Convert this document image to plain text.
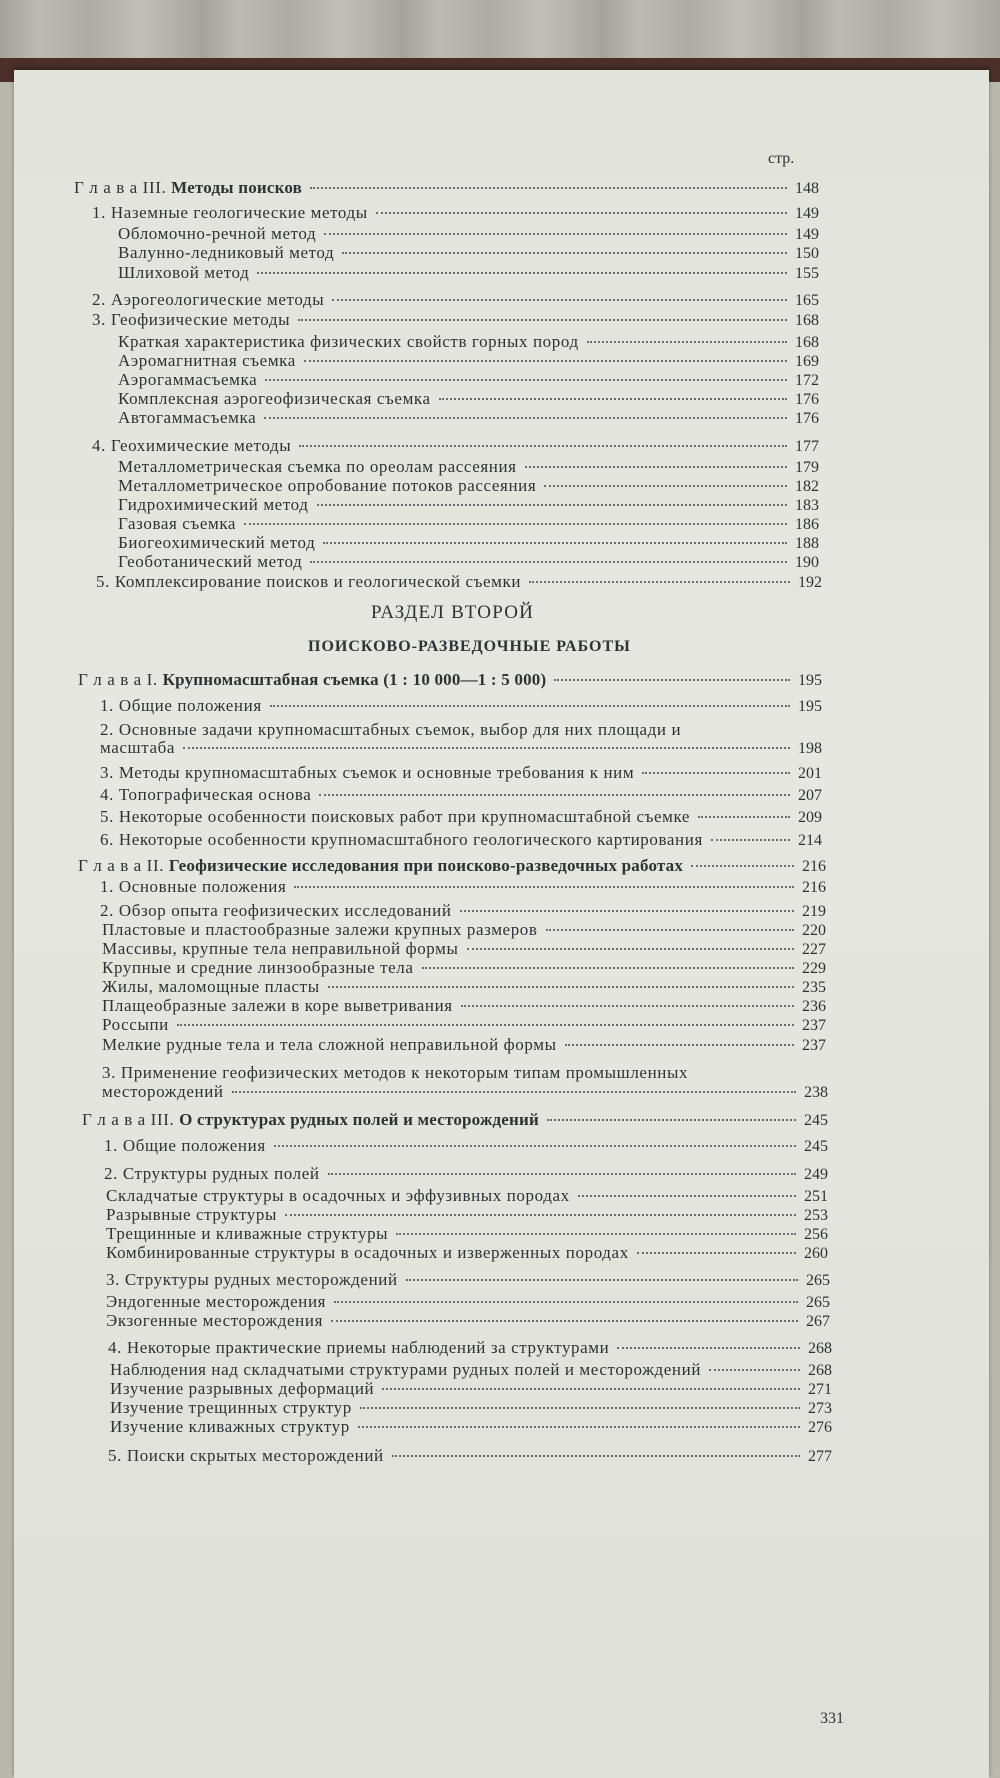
стр.
Г л а в а III. Методы поисков	148
1. Наземные геологические методы	149
Обломочно-речной метод	149
Валунно-ледниковый метод	150
Шлиховой метод	155
2. Аэрогеологические методы	165
3. Геофизические методы	168
Краткая характеристика физических свойств горных пород	168
Аэромагнитная съемка	169
Аэрогаммасъемка	172
Комплексная аэрогеофизическая съемка	176
Автогаммасъемка	176
4. Геохимические методы	177
Металлометрическая съемка по ореолам рассеяния	179
Металлометрическое опробование потоков рассеяния	182
Гидрохимический метод	183
Газовая съемка	186
Биогеохимический метод	188
Геоботанический метод	190
5. Комплексирование поисков и геологической съемки	192
Г л а в а I. Крупномасштабная съемка (1 : 10 000—1 : 5 000)	195
1. Общие положения	195
2. Основные задачи крупномасштабных съемок, выбор для них площади и
масштаба	198
3. Методы крупномасштабных съемок и основные требования к ним	201
4. Топографическая основа	207
5. Некоторые особенности поисковых работ при крупномасштабной съемке	209
6. Некоторые особенности крупномасштабного геологического картирования	214
Г л а в а II. Геофизические исследования при поисково-разведочных работах	216
1. Основные положения	216
2. Обзор опыта геофизических исследований	219
Пластовые и пластообразные залежи крупных размеров	220
Массивы, крупные тела неправильной формы	227
Крупные и средние линзообразные тела	229
Жилы, маломощные пласты	235
Плащеобразные залежи в коре выветривания	236
Россыпи	237
Мелкие рудные тела и тела сложной неправильной формы	237
3. Применение геофизических методов к некоторым типам промышленных
месторождений	238
Г л а в а III. О структурах рудных полей и месторождений	245
1. Общие положения	245
2. Структуры рудных полей	249
Складчатые структуры в осадочных и эффузивных породах	251
Разрывные структуры	253
Трещинные и кливажные структуры	256
Комбинированные структуры в осадочных и изверженных породах	260
3. Структуры рудных месторождений	265
Эндогенные месторождения	265
Экзогенные месторождения	267
4. Некоторые практические приемы наблюдений за структурами	268
Наблюдения над складчатыми структурами рудных полей и месторождений	268
Изучение разрывных деформаций	271
Изучение трещинных структур	273
Изучение кливажных структур	276
5. Поиски скрытых месторождений	277
РАЗДЕЛ ВТОРОЙ
ПОИСКОВО-РАЗВЕДОЧНЫЕ РАБОТЫ
331
